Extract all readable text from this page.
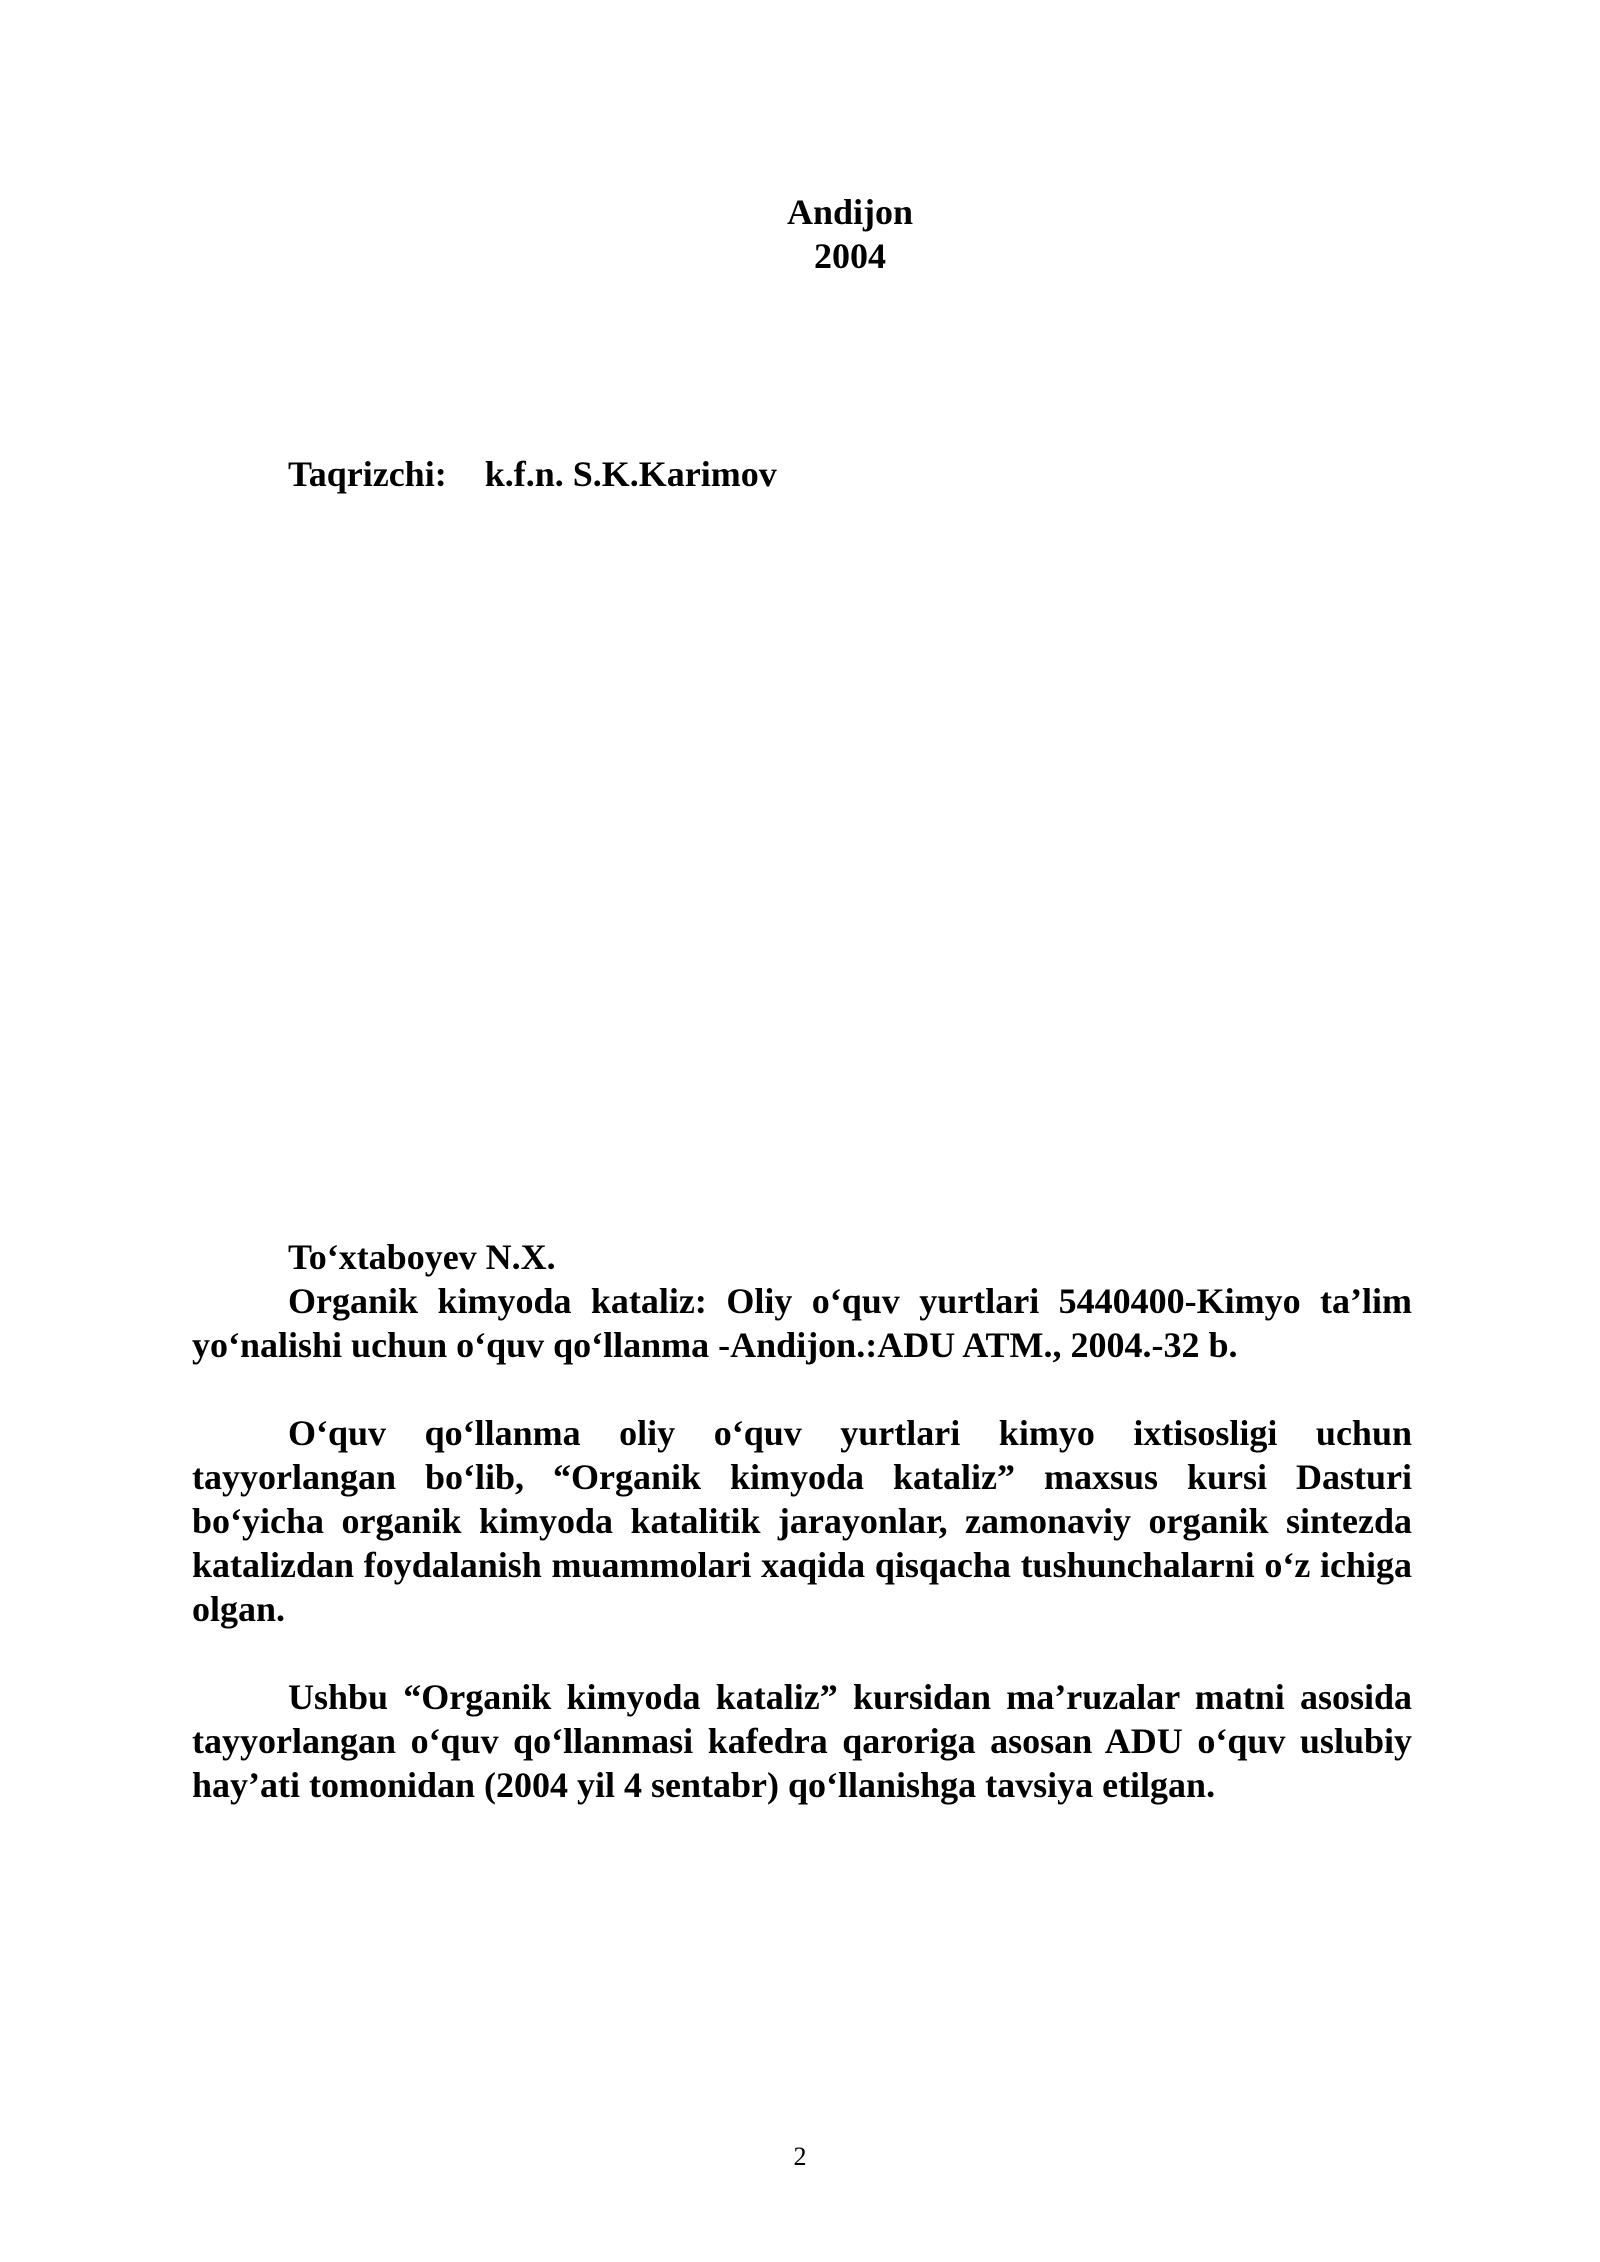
Andijon
2004
Taqrizchi: k.f.n. S.K.Karimov

To‘xtaboyev N.X.

Organik kimyoda kataliz: Oliy o‘quv yurtlari 5440400-Kimyo ta’lim yo‘nalishi uchun o‘quv qo‘llanma -Andijon.:ADU ATM., 2004.-32 b.

O‘quv qo‘llanma oliy o‘quv yurtlari kimyo ixtisosligi uchun tayyorlangan bo‘lib, “Organik kimyoda kataliz” maxsus kursi Dasturi bo‘yicha organik kimyoda katalitik jarayonlar, zamonaviy organik sintezda katalizdan foydalanish muammolari xaqida qisqacha tushunchalarni o‘z ichiga olgan.

Ushbu “Organik kimyoda kataliz” kursidan ma’ruzalar matni asosida tayyorlangan o‘quv qo‘llanmasi kafedra qaroriga asosan ADU o‘quv uslubiy hay’ati tomonidan (2004 yil 4 sentabr) qo‘llanishga tavsiya etilgan.

2
